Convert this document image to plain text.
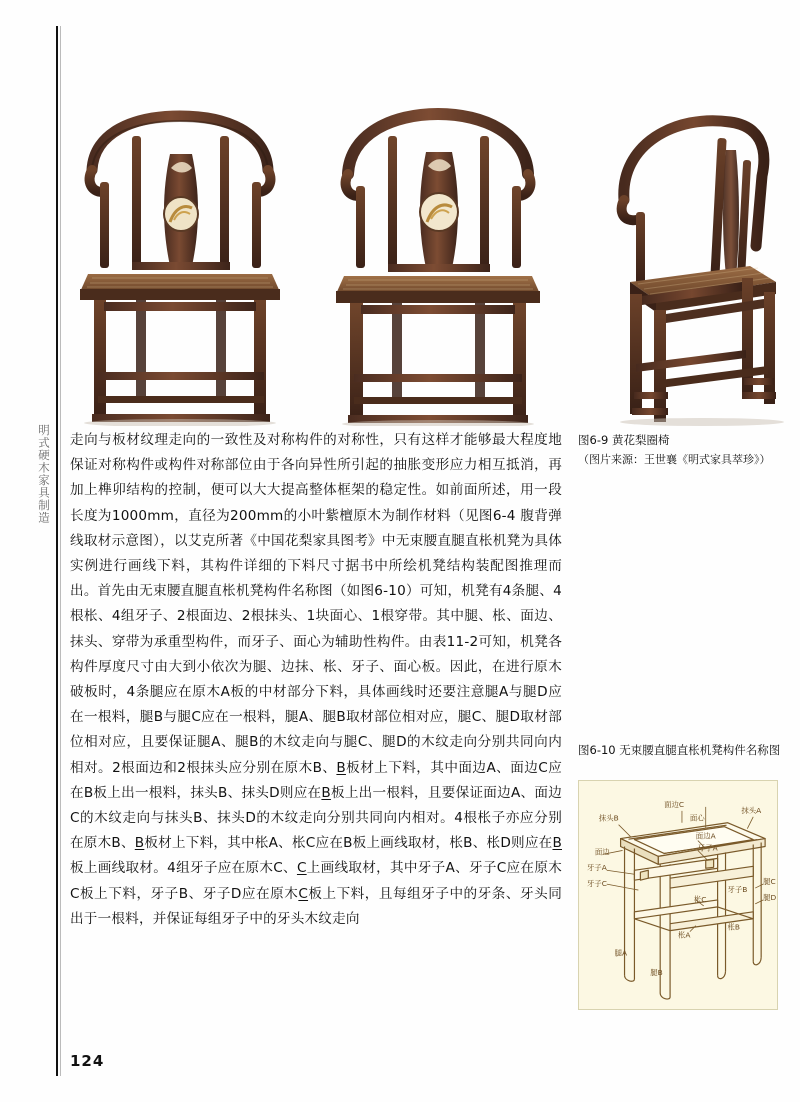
明式硬木家具制造	图6-9 黄花梨圈椅
（图片来源：王世襄《明式家具萃珍》）
图6-10 无束腰直腿直枨机凳构件名称图
面边C
面心
抹头B
抹头A
面边
牙子A
牙子C
面边A
牙子A
枨C
枨A
腿C
腿D
腿A
腿B
枨B
牙子B

走向与板材纹理走向的一致性及对称构件的对称性，只有这样才能够最大程度地保证对称构件或构件对称部位由于各向异性所引起的抽胀变形应力相互抵消，再加上榫卯结构的控制，便可以大大提高整体框架的稳定性。如前面所述，用一段长度为1000mm，直径为200mm的小叶紫檀原木为制作材料（见图6-4 腹背弹线取材示意图），以艾克所著《中国花梨家具图考》中无束腰直腿直枨机凳为具体实例进行画线下料，其构件详细的下料尺寸据书中所绘机凳结构装配图推理而出。首先由无束腰直腿直枨机凳构件名称图（如图6-10）可知，机凳有4条腿、4根枨、4组牙子、2根面边、2根抹头、1块面心、1根穿带。其中腿、枨、面边、抹头、穿带为承重型构件，而牙子、面心为辅助性构件。由表11-2可知，机凳各构件厚度尺寸由大到小依次为腿、边抹、枨、牙子、面心板。因此，在进行原木破板时，4条腿应在原木A板的中材部分下料，具体画线时还要注意腿A与腿D应在一根料，腿B与腿C应在一根料，腿A、腿B取材部位相对应，腿C、腿D取材部位相对应，且要保证腿A、腿B的木纹走向与腿C、腿D的木纹走向分别共同向内相对。2根面边和2根抹头应分别在原木B、B板材上下料，其中面边A、面边C应在B板上出一根料，抹头B、抹头D则应在B板上出一根料，且要保证面边A、面边C的木纹走向与抹头B、抹头D的木纹走向分别共同向内相对。4根枨子亦应分别在原木B、B板材上下料，其中枨A、枨C应在B板上画线取材，枨B、枨D则应在B板上画线取材。4组牙子应在原木C、C上画线取材，其中牙子A、牙子C应在原木C板上下料，牙子B、牙子D应在原木C板上下料，且每组牙子中的牙条、牙头同出于一根料，并保证每组牙子中的牙头木纹走向

124
